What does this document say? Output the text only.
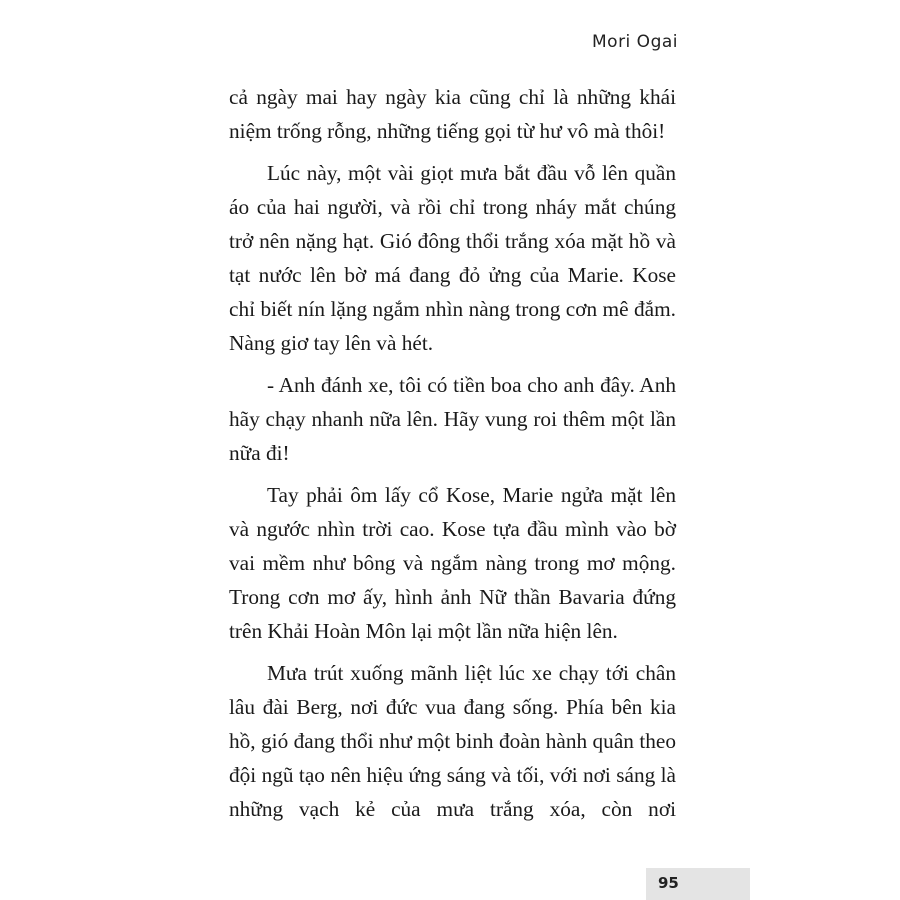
Mori Ogai

cả ngày mai hay ngày kia cũng chỉ là những khái niệm trống rỗng, những tiếng gọi từ hư vô mà thôi!

Lúc này, một vài giọt mưa bắt đầu vỗ lên quần áo của hai người, và rồi chỉ trong nháy mắt chúng trở nên nặng hạt. Gió đông thổi trắng xóa mặt hồ và tạt nước lên bờ má đang đỏ ửng của Marie. Kose chỉ biết nín lặng ngắm nhìn nàng trong cơn mê đắm. Nàng giơ tay lên và hét.

- Anh đánh xe, tôi có tiền boa cho anh đây. Anh hãy chạy nhanh nữa lên. Hãy vung roi thêm một lần nữa đi!

Tay phải ôm lấy cổ Kose, Marie ngửa mặt lên và ngước nhìn trời cao. Kose tựa đầu mình vào bờ vai mềm như bông và ngắm nàng trong mơ mộng. Trong cơn mơ ấy, hình ảnh Nữ thần Bavaria đứng trên Khải Hoàn Môn lại một lần nữa hiện lên.

Mưa trút xuống mãnh liệt lúc xe chạy tới chân lâu đài Berg, nơi đức vua đang sống. Phía bên kia hồ, gió đang thổi như một binh đoàn hành quân theo đội ngũ tạo nên hiệu ứng sáng và tối, với nơi sáng là những vạch kẻ của mưa trắng xóa, còn nơi

95
